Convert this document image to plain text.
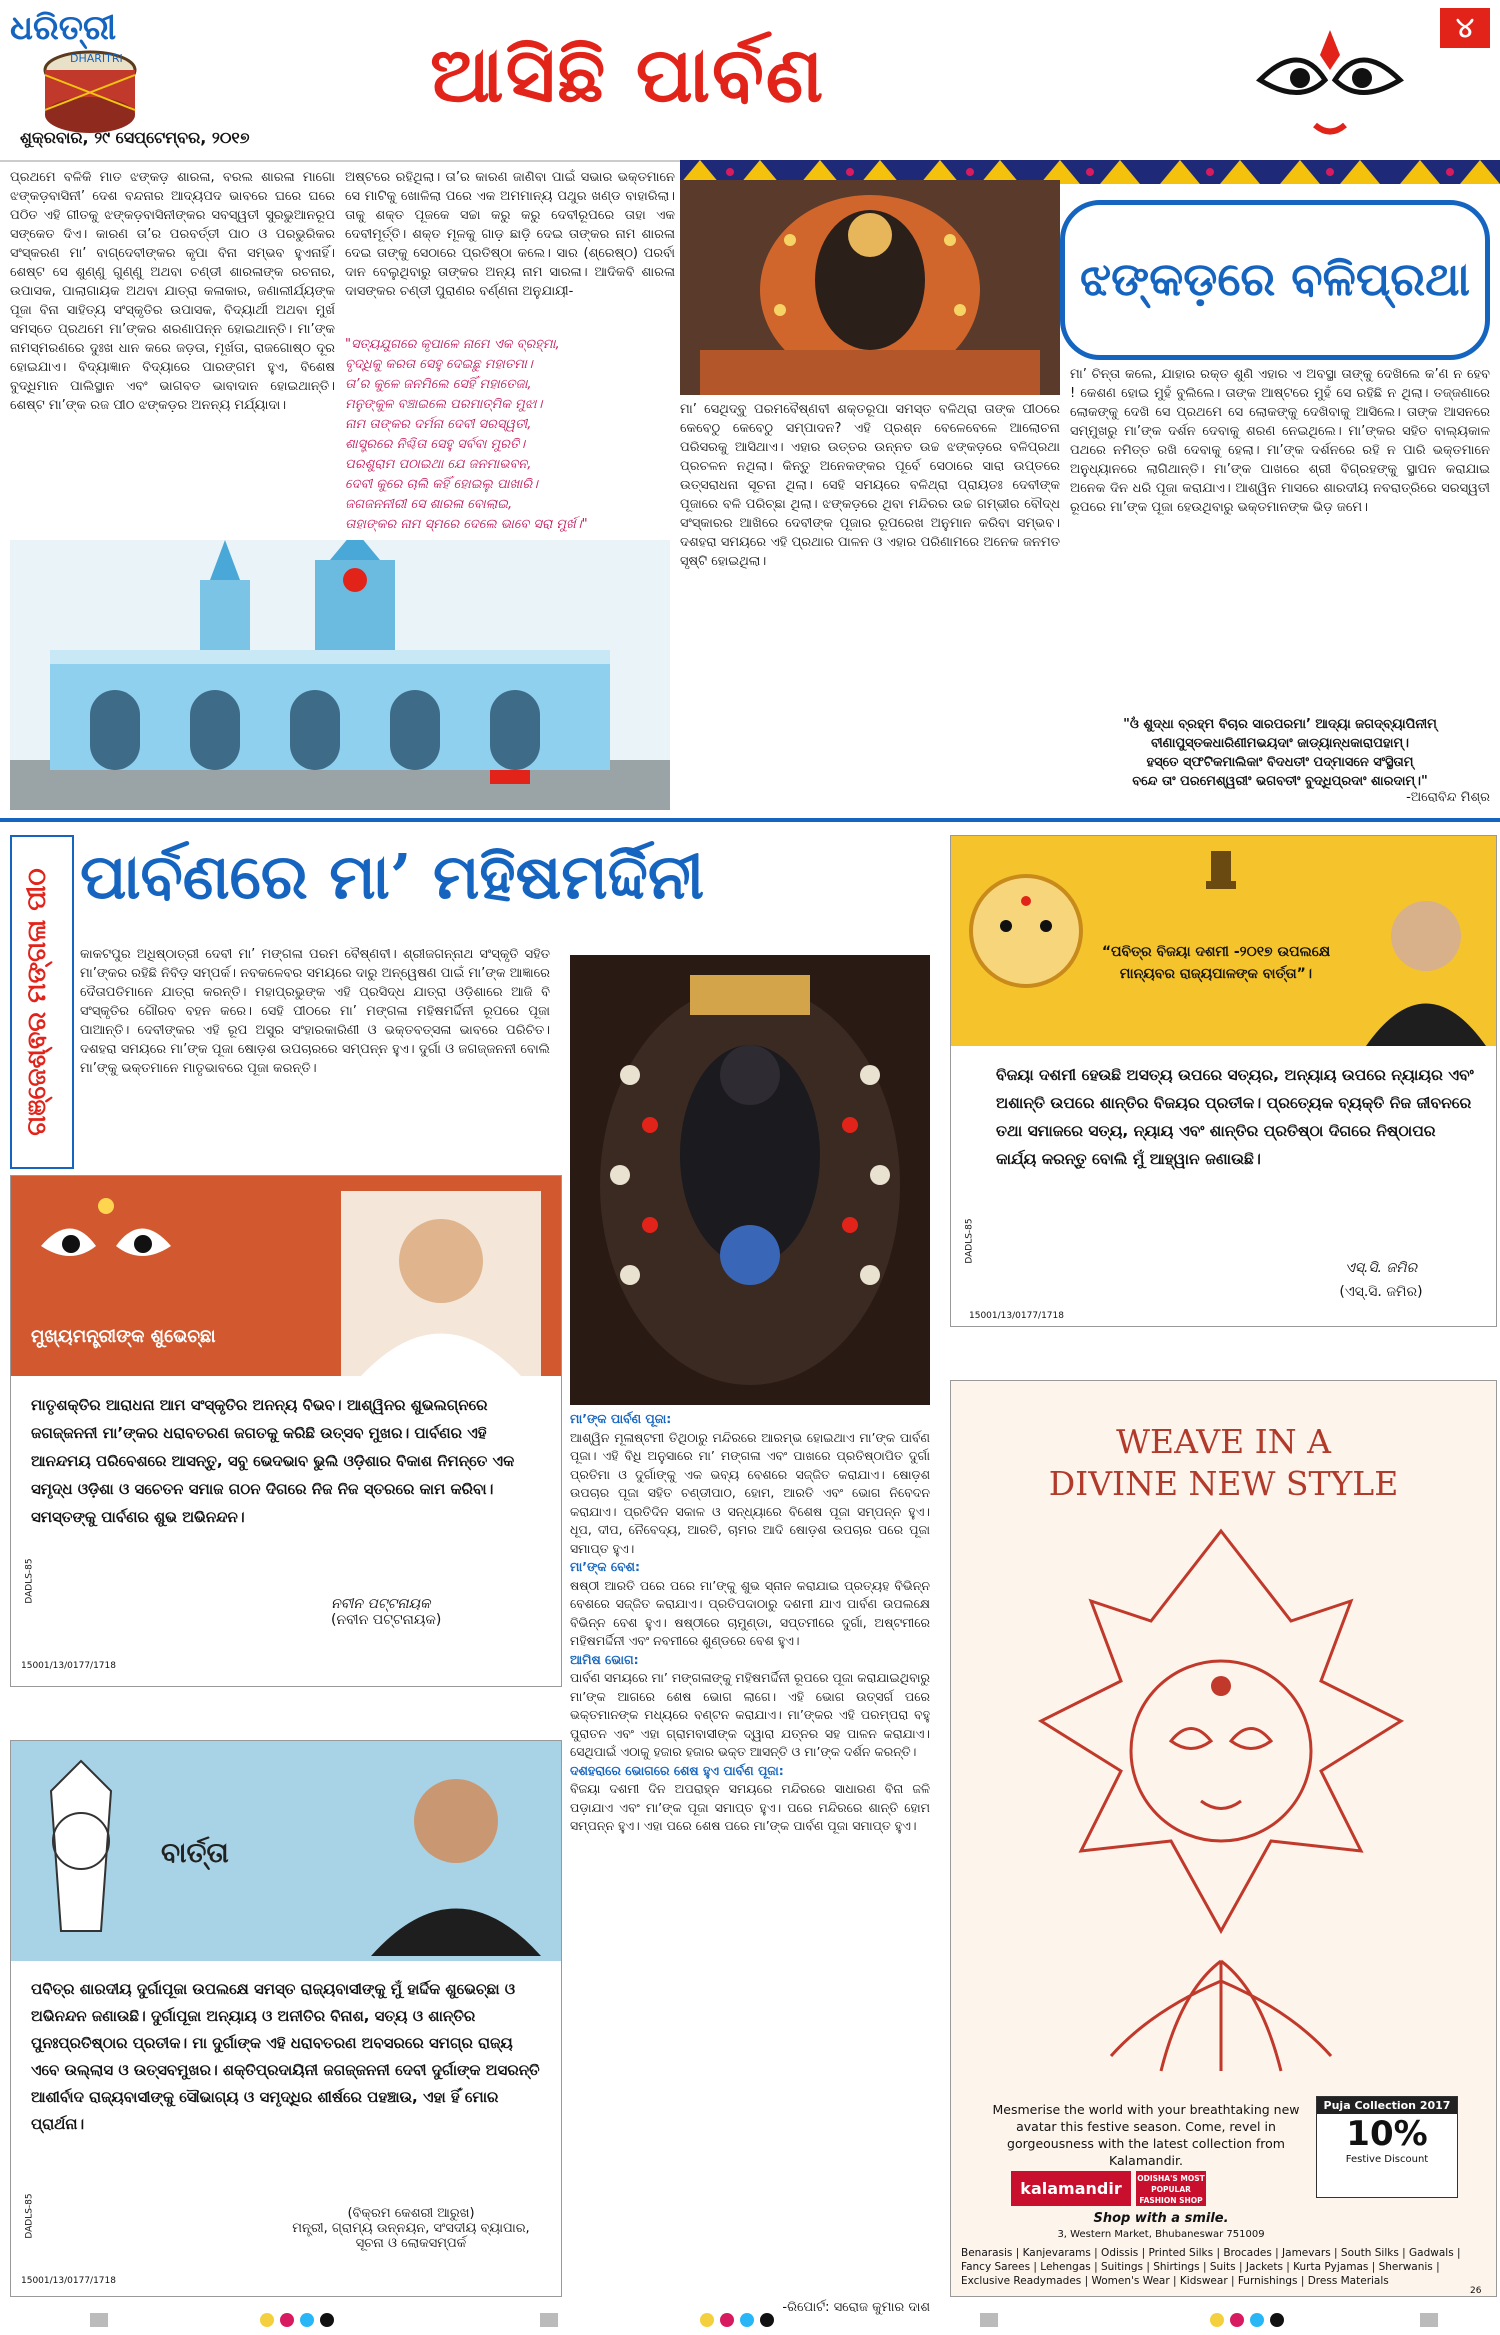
ଧରିତ୍ରୀ
DHARITRI	ଆସିଛି ପାର୍ବଣ
୪
ଶୁକ୍ରବାର, ୨୯ ସେପ୍ଟେମ୍ବର, ୨୦୧୭
ପ୍ରଥମେ ବଳିକି ମାତ ଝଙ୍କଡ଼ ଶାରଳା, ବରଲ ଶାରଳା ମାଗୋ ଝଙ୍କଡ଼ବାସିନୀ’ ଦେଶ ବନ୍ଦନାର ଆଦ୍ୟପଦ ଭାବରେ ଘରେ ଘରେ ପଠିତ ଏହି ଗୀତକୁ ଝଙ୍କଡ଼ବାସିନୀଙ୍କର ସବସ୍ୱତୀ ସୁରଭୁଆନରୂପ ସଙ୍କେତ ଦିଏ। କାରଣ ତା’ର ପରବର୍ତ୍ତୀ ପାଠ ଓ ପରଭୁରିକର ସଂସ୍କରଣ ମା’ ବାଗ୍‌ଦେବୀଙ୍କର କୃପା ବିନା ସମ୍ଭବ ହୁଏନାହିଁ। ଶେଷ୍ଟ ସେ ଶୁଣ୍ଣୁ ଗୁଣ୍ଣୁ ଅଥବା ଚଣ୍ଡୀ ଶାରଳାଙ୍କ ରଚନାର, ଉପାସକ, ପାଲାଗାୟକ ଅଥବା ଯାତ୍ରା କଳାକାର, ଜଣାଲୀର୍ଯ୍ୟଙ୍କ ପୂଜା ବିନା ସାହିତ୍ୟ ସଂସ୍କୃତିର ଉପାସକ, ବିଦ୍ୟାର୍ଥୀ ଅଥବା ମୁର୍ଖ ସମସ୍ତେ ପ୍ରଥମେ ମା’ଙ୍କର ଶରଣାପନ୍ନ ହୋଇଥାନ୍ତି। ମା’ଙ୍କ ନାମସ୍ମରଣରେ ଦୁଃଖ ଧାନ କରେ ଜଡ଼ତା, ମୂର୍ଖତା, ରାଜଗୋଷ୍ଠ ଦୂର ହୋଇଯାଏ। ବିଦ୍ୟାଜ୍ଞାନ ବିଦ୍ୟାରେ ପାରଙ୍ଗମ ହୁଏ, ବିଶେଷ ବୁଦ୍ଧିମାନ ପାଲିସ୍ଥାନ ଏବଂ ଭାଗବତ ଭାବାଦାନ ହୋଇଥାନ୍ତି। ଶେଷ୍ଟ ମା’ଙ୍କ ରଜ ପୀଠ ଝଙ୍କଡ଼ର ଅନନ୍ୟ ମର୍ଯ୍ୟାଦା।
ଅଷ୍ଟରେ ରହିଥିଲା। ତା’ର କାରଣ ଜାଣିବା ପାଇଁ ସଭାର ଭକ୍ତମାନେ ସେ ମାଟିକୁ ଖୋଳିଲା ପରେ ଏକ ଅମମାନ୍ୟ ପଥୁର ଖଣ୍ଡ ବାହାରିଲା। ତାକୁ ଶକ୍ତ ପୂଜକେ ସଚ୍ଚା କରୁ କରୁ ଦେବୀରୂପରେ ତାହା ଏକ ଦେବୀମୂର୍ତ୍ତି। ଶକ୍ତ ମୂଳକୁ ଗାଡ଼ ଛାଡ଼ି ଦେଇ ତାଙ୍କର ନାମ ଶାରଳା ଦେଇ ତାଙ୍କୁ ସେଠାରେ ପ୍ରତିଷ୍ଠା କଲେ। ସାର (ଶ୍ରେଷ୍ଠ) ପରର୍ବା ଦାନ ବେଲୁଥିବାରୁ ତାଙ୍କର ଅନ୍ୟ ନାମ ସାରଳା। ଆଦିକବି ଶାରଳା ଦାସଙ୍କର ଚଣ୍ଡୀ ପୁରାଣର ବର୍ଣ୍ଣନା ଅନୁଯାୟୀ-
"ସତ୍ୟଯୁଗରେ କୃପାଳେ ନାମେ ଏକ ବ୍ରହ୍ମା,
ବୃଦ୍ଧିକୁ କରତା ସେହୁ ଦେଇଛୁ ମହାତମା।
ତା’ର କୁଳେ ଜନମିଲେ ସେହିଁ ମହାତେଜା,
ମନୁଙ୍କୁଳ ବଞ୍ଚାଇଲେ ପରମାତ୍ମିକ ମୁଝା।
ନାମ ତାଙ୍କର ଦର୍ମନା ଦେବୀ ସରସ୍ୱତୀ,
ଶାସ୍ତ୍ରରେ ନିଶ୍ଚିତା ସେହୁ ସର୍ବବା ମୁରତି।
ପରଶୁରାମ ପଠାଇଥା ଯେ ଜନମାଭବନ,
ଦେବୀ କୁରେ ଚାଲି କହିଁ ହୋଇଲୁ ପାଖାରି।
ଜଗଜନନୀରୀ ସେ ଶାରଳା ବୋଲାଇ,
ତାହାଙ୍କର ନାମ ସ୍ମରେ ଦେଲେ ଭାବେ ସରା ମୁର୍ଖ।"
ଝଙ୍କଡ଼ରେ ବଳିପ୍ରଥା
ମା’ ସେଥିଦ୍ବୁ ପରମବୈଷ୍ଣବୀ ଶକ୍ତରୂପା ସମସ୍ତ ବଳିଥ୍ରା ତାଙ୍କ ପୀଠରେ କେବେଠୁ କେବେଠୁ ସମ୍ପାଦନ? ଏହି ପ୍ରଶ୍ନ ବେଳେବେଳେ ଆଲୋଚନା ପରିସରକୁ ଆସିଥାଏ। ଏହାର ଉତ୍ତର ଉନ୍ନତ ଉଚ୍ଚ ଝଙ୍କଡ଼ରେ ବଳିପ୍ରଥା ପ୍ରଚଳନ ନଥିଲା। କିନ୍ତୁ ଅନେକଙ୍କର ପୂର୍ବେ ସେଠାରେ ସାରା ଉପ୍ତରେ ଉତ୍ସରାଧନା ସୂଚନା ଥିଲା। ସେହି ସମୟରେ ବଳିଥ୍ରା ପ୍ରାୟତଃ ଦେବୀଙ୍କ ପୂଜାରେ ବଳି ପରିଚ୍ଛା ଥିଲା। ଝଙ୍କଡ଼ରେ ଥିବା ମନ୍ଦିରର ଉଚ୍ଚ ଗମ୍ଭୀର ବୌଦ୍ଧ ସଂସ୍କାରର ଆଖିରେ ଦେବୀଙ୍କ ପୂଜାର ରୂପରେଖ ଅନୁମାନ କରିବା ସମ୍ଭବ। ଦଶହରା ସମୟରେ ଏହି ପ୍ରଥାର ପାଳନ ଓ ଏହାର ପରିଣାମରେ ଅନେକ ଜନମତ ସୃଷ୍ଟି ହୋଇଥିଲା।
ମା’ ଚିନ୍ତା କଲେ, ଯାହାର ରକ୍ତ ଶୁଣି ଏହାର ଏ ଅବସ୍ଥା ତାଙ୍କୁ ଦେଖିଲେ କ’ଣ ନ ହେବ ! କେଶଣ ହୋଇ ମୁହଁ ବୁଲିଲେ। ତାଙ୍କ ଆଷ୍ଟରେ ମୁହଁ ସେ ରହିଛି ନ ଥିଲା। ତଜ୍ଜଣାରେ ଲୋକଙ୍କୁ ଦେଖି ସେ ପ୍ରଥମେ ସେ ଲୋକଙ୍କୁ ଦେଖିବାକୁ ଆସିଲେ। ତାଙ୍କ ଆସନରେ ସମ୍ମୁଖରୁ ମା’ଙ୍କ ଦର୍ଶନ ଦେବାକୁ ଶରଣ ନେଇଥିଲେ। ମା’ଙ୍କର ସହିତ ବାଲ୍ୟକାଳ ପଥରେ ନମିତ୍ତ ରଖି ଦେବାକୁ ହେଲା। ମା’ଙ୍କ ଦର୍ଶନରେ ରହି ନ ପାରି ଭକ୍ତମାନେ ଅନୁଧ୍ୟାନରେ ଲାଗିଥାନ୍ତି। ମା’ଙ୍କ ପାଖରେ ଶ୍ରୀ ବିଗ୍ରହଙ୍କୁ ସ୍ଥାପନ କରାଯାଇ ଅନେକ ଦିନ ଧରି ପୂଜା କରାଯାଏ। ଆଶ୍ୱିନ ମାସରେ ଶାରଦୀୟ ନବରାତ୍ରିରେ ସରସ୍ୱତୀ ରୂପରେ ମା’ଙ୍କ ପୂଜା ହେଉଥିବାରୁ ଭକ୍ତମାନଙ୍କ ଭିଡ଼ ଜମେ।
"ଓଁ ଶୁଦ୍ଧା ବ୍ରହ୍ମ ବିଚାର ସାରପରମା’ ଆଦ୍ୟା ଜଗଦ୍‌ବ୍ୟାପିନୀମ୍
ବୀଣାପୁସ୍ତକଧାରିଣୀମଭୟଦାଂ ଜାଡ୍ୟାନ୍ଧକାରାପହାମ୍।
ହସ୍ତେ ସ୍ଫଟିକମାଲିକାଂ ବିଦଧତୀଂ ପଦ୍ମାସନେ ସଂସ୍ଥିତାମ୍
ବନ୍ଦେ ତାଂ ପରମେଶ୍ୱରୀଂ ଭଗବତୀଂ ବୁଦ୍ଧିପ୍ରଦାଂ ଶାରଦାମ୍।"
-ଅରୋବିନ୍ଦ ମିଶ୍ର
ଗଞ୍ଜେଶ୍ଵର ମଙ୍ଗଳା ପୀଠ ପାର୍ବଣରେ ମା’ ମହିଷମର୍ଦ୍ଦିନୀ
କାକଟପୁର ଅଧିଷ୍ଠାତ୍ରୀ ଦେବୀ ମା’ ମଙ୍ଗଳା ପରମ ବୈଷ୍ଣବୀ। ଶ୍ରୀଜଗନ୍ନାଥ ସଂସ୍କୃତି ସହିତ ମା’ଙ୍କର ରହିଛି ନିବିଡ଼ ସମ୍ପର୍କ। ନବକଳେବର ସମୟରେ ଦାରୁ ଅନ୍ୱେଷଣ ପାଇଁ ମା’ଙ୍କ ଆଜ୍ଞାରେ ଦୈତାପତିମାନେ ଯାତ୍ରା କରନ୍ତି। ମହାପ୍ରଭୁଙ୍କ ଏହି ପ୍ରସିଦ୍ଧ ଯାତ୍ରା ଓଡ଼ିଶାରେ ଆଜି ବି ସଂସ୍କୃତିର ଗୌରବ ବହନ କରେ। ସେହି ପୀଠରେ ମା’ ମଙ୍ଗଳା ମହିଷମର୍ଦ୍ଦିନୀ ରୂପରେ ପୂଜା ପାଆନ୍ତି। ଦେବୀଙ୍କର ଏହି ରୂପ ଅସୁର ସଂହାରକାରିଣୀ ଓ ଭକ୍ତବତ୍ସଳା ଭାବରେ ପରିଚିତ। ଦଶହରା ସମୟରେ ମା’ଙ୍କ ପୂଜା ଷୋଡ଼ଶ ଉପଚାରରେ ସମ୍ପନ୍ନ ହୁଏ। ଦୁର୍ଗା ଓ ଜଗଜ୍ଜନନୀ ବୋଲି ମା’ଙ୍କୁ ଭକ୍ତମାନେ ମାତୃଭାବରେ ପୂଜା କରନ୍ତି।
ମା’ଙ୍କ ପାର୍ବଣ ପୂଜା:
ଆଶ୍ୱିନ ମୂଳାଷ୍ଟମୀ ତିଥିଠାରୁ ମନ୍ଦିରରେ ଆରମ୍ଭ ହୋଇଥାଏ ମା’ଙ୍କ ପାର୍ବଣ ପୂଜା। ଏହି ବିଧି ଅନୁସାରେ ମା’ ମଙ୍ଗଳା ଏବଂ ପାଖରେ ପ୍ରତିଷ୍ଠାପିତ ଦୁର୍ଗା ପ୍ରତିମା ଓ ଦୁର୍ଗାଙ୍କୁ ଏକ ଭବ୍ୟ ବେଶରେ ସଜ୍ଜିତ କରାଯାଏ। ଷୋଡ଼ଶ ଉପଚାର ପୂଜା ସହିତ ଚଣ୍ଡୀପାଠ, ହୋମ, ଆରତି ଏବଂ ଭୋଗ ନିବେଦନ କରାଯାଏ। ପ୍ରତିଦିନ ସକାଳ ଓ ସନ୍ଧ୍ୟାରେ ବିଶେଷ ପୂଜା ସମ୍ପନ୍ନ ହୁଏ। ଧୂପ, ଦୀପ, ନୈବେଦ୍ୟ, ଆରତି, ଚାମର ଆଦି ଷୋଡ଼ଶ ଉପଚାର ପରେ ପୂଜା ସମାପ୍ତ ହୁଏ।
ମା’ଙ୍କ ବେଶ:
ଷଷ୍ଠୀ ଆରତି ପରେ ପରେ ମା’ଙ୍କୁ ଶୁଭ ସ୍ନାନ କରାଯାଇ ପ୍ରତ୍ୟହ ବିଭିନ୍ନ ବେଶରେ ସଜ୍ଜିତ କରାଯାଏ। ପ୍ରତିପଦାଠାରୁ ଦଶମୀ ଯାଏ ପାର୍ବଣ ଉପଲକ୍ଷେ ବିଭିନ୍ନ ବେଶ ହୁଏ। ଷଷ୍ଠୀରେ ଚାମୁଣ୍ଡା, ସପ୍ତମୀରେ ଦୁର୍ଗା, ଅଷ୍ଟମୀରେ ମହିଷମର୍ଦ୍ଦିନୀ ଏବଂ ନବମୀରେ ଶୁଣ୍ଡରେ ବେଶ ହୁଏ।
ଆମିଷ ଭୋଗ:
ପାର୍ବଣ ସମୟରେ ମା’ ମଙ୍ଗଳାଙ୍କୁ ମହିଷମର୍ଦ୍ଦିନୀ ରୂପରେ ପୂଜା କରାଯାଇଥିବାରୁ ମା’ଙ୍କ ଆଗରେ ଶେଷ ଭୋଗ ଲାଗେ। ଏହି ଭୋଗ ଉତ୍ସର୍ଗ ପରେ ଭକ୍ତମାନଙ୍କ ମଧ୍ୟରେ ବଣ୍ଟନ କରାଯାଏ। ମା’ଙ୍କର ଏହି ପରମ୍ପରା ବହୁ ପୁରାତନ ଏବଂ ଏହା ଗ୍ରାମବାସୀଙ୍କ ଦ୍ୱାରା ଯତ୍ନର ସହ ପାଳନ କରାଯାଏ। ସେଥିପାଇଁ ଏଠାକୁ ହଜାର ହଜାର ଭକ୍ତ ଆସନ୍ତି ଓ ମା’ଙ୍କ ଦର୍ଶନ କରନ୍ତି।
ଦଶହରାରେ ଭୋଗରେ ଶେଷ ହୁଏ ପାର୍ବଣ ପୂଜା:
ବିଜୟା ଦଶମୀ ଦିନ ଅପରାହ୍ନ ସମୟରେ ମନ୍ଦିରରେ ସାଧାରଣ ବିନା ଜଳି ପଡ଼ାଯାଏ ଏବଂ ମା’ଙ୍କ ପୂଜା ସମାପ୍ତ ହୁଏ। ପରେ ମନ୍ଦିରରେ ଶାନ୍ତି ହୋମ ସମ୍ପନ୍ନ ହୁଏ। ଏହା ପରେ ଶେଷ ପରେ ମା’ଙ୍କ ପାର୍ବଣ ପୂଜା ସମାପ୍ତ ହୁଏ।
-ରିପୋର୍ଟ: ସରୋଜ କୁମାର ଦାଶ
ମୁଖ୍ୟମନ୍ତ୍ରୀଙ୍କ ଶୁଭେଚ୍ଛା
ମାତୃଶକ୍ତିର ଆରାଧନା ଆମ ସଂସ୍କୃତିର ଅନନ୍ୟ ବିଭବ। ଆଶ୍ୱିନର ଶୁଭଲଗ୍ନରେ ଜଗଜ୍ଜନନୀ ମା’ଙ୍କର ଧରାବତରଣ ଜଗତକୁ କରିଛି ଉତ୍ସବ ମୁଖର। ପାର୍ବଣର ଏହି ଆନନ୍ଦମୟ ପରିବେଶରେ ଆସନ୍ତୁ, ସବୁ ଭେଦଭାବ ଭୁଲି ଓଡ଼ିଶାର ବିକାଶ ନିମନ୍ତେ ଏକ ସମୃଦ୍ଧ ଓଡ଼ିଶା ଓ ସଚେତନ ସମାଜ ଗଠନ ଦିଗରେ ନିଜ ନିଜ ସ୍ତରରେ କାମ କରିବା। ସମସ୍ତଙ୍କୁ ପାର୍ବଣର ଶୁଭ ଅଭିନନ୍ଦନ।
ନବୀନ ପଟ୍ଟନାୟକ
(ନବୀନ ପଟ୍ଟନାୟକ)
15001/13/0177/1718
DADLS-85
ବାର୍ତ୍ତା
ପବିତ୍ର ଶାରଦୀୟ ଦୁର୍ଗାପୂଜା ଉପଲକ୍ଷେ ସମସ୍ତ ରାଜ୍ୟବାସୀଙ୍କୁ ମୁଁ ହାର୍ଦ୍ଦିକ ଶୁଭେଚ୍ଛା ଓ ଅଭିନନ୍ଦନ ଜଣାଉଛି। ଦୁର୍ଗାପୂଜା ଅନ୍ୟାୟ ଓ ଅନୀତିର ବିନାଶ, ସତ୍ୟ ଓ ଶାନ୍ତିର ପୁନଃପ୍ରତିଷ୍ଠାର ପ୍ରତୀକ। ମା ଦୁର୍ଗାଙ୍କ ଏହି ଧରାବତରଣ ଅବସରରେ ସମଗ୍ର ରାଜ୍ୟ ଏବେ ଉଲ୍ଲାସ ଓ ଉତ୍ସବମୁଖର। ଶକ୍ତିପ୍ରଦାୟିନୀ ଜଗଜ୍ଜନନୀ ଦେବୀ ଦୁର୍ଗାଙ୍କ ଅସରନ୍ତି ଆଶୀର୍ବାଦ ରାଜ୍ୟବାସୀଙ୍କୁ ସୌଭାଗ୍ୟ ଓ ସମୃଦ୍ଧିର ଶୀର୍ଷରେ ପହଞ୍ଚାଉ, ଏହା ହିଁ ମୋର ପ୍ରାର୍ଥନା।
(ବିକ୍ରମ କେଶରୀ ଆରୁଖ)
ମନ୍ତ୍ରୀ, ଗ୍ରାମ୍ୟ ଉନ୍ନୟନ, ସଂସଦୀୟ ବ୍ୟାପାର,
ସୂଚନା ଓ ଲୋକସମ୍ପର୍କ
15001/13/0177/1718
DADLS-85
“ପବିତ୍ର ବିଜୟା ଦଶମୀ -୨୦୧୭ ଉପଲକ୍ଷେ ମାନ୍ୟବର ରାଜ୍ୟପାଳଙ୍କ ବାର୍ତ୍ତା”।
ବିଜୟା ଦଶମୀ ହେଉଛି ଅସତ୍ୟ ଉପରେ ସତ୍ୟର, ଅନ୍ୟାୟ ଉପରେ ନ୍ୟାୟର ଏବଂ ଅଶାନ୍ତି ଉପରେ ଶାନ୍ତିର ବିଜୟର ପ୍ରତୀକ। ପ୍ରତ୍ୟେକ ବ୍ୟକ୍ତି ନିଜ ଜୀବନରେ ତଥା ସମାଜରେ ସତ୍ୟ, ନ୍ୟାୟ ଏବଂ ଶାନ୍ତିର ପ୍ରତିଷ୍ଠା ଦିଗରେ ନିଷ୍ଠାପର କାର୍ଯ୍ୟ କରନ୍ତୁ ବୋଲି ମୁଁ ଆହ୍ୱାନ ଜଣାଉଛି।
ଏସ୍.ସି. ଜମିର
(ଏସ୍.ସି. ଜମିର)
15001/13/0177/1718
DADLS-85
WEAVE IN A
DIVINE NEW STYLE
Mesmerise the world with your breathtaking new avatar this festive season. Come, revel in gorgeousness with the latest collection from Kalamandir.
Puja Collection 2017
10%
Festive Discount
kalamandir
ODISHA'S MOST POPULAR FASHION SHOP
Shop with a smile.
3, Western Market, Bhubaneswar 751009
Benarasis | Kanjevarams | Odissis | Printed Silks | Brocades | Jamevars | South Silks | Gadwals | Fancy Sarees | Lehengas | Suitings | Shirtings | Suits | Jackets | Kurta Pyjamas | Sherwanis | Exclusive Readymades | Women's Wear | Kidswear | Furnishings | Dress Materials
26
